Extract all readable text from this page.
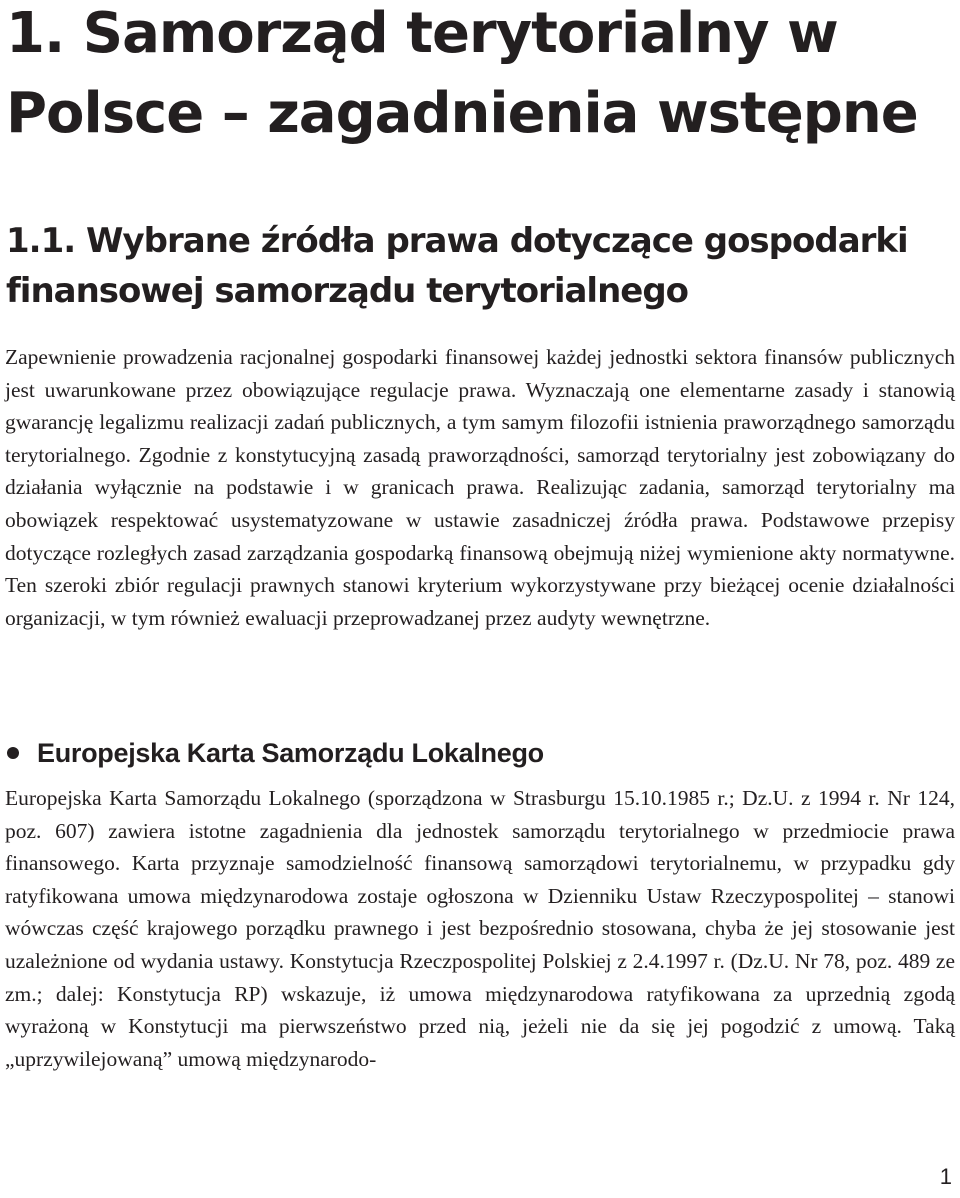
1. Samorząd terytorialny w Polsce – zagadnienia wstępne
1.1. Wybrane źródła prawa dotyczące gospodarki finansowej samorządu terytorialnego

Zapewnienie prowadzenia racjonalnej gospodarki finansowej każdej jednostki sektora finansów publicznych jest uwarunkowane przez obowiązujące regulacje prawa. Wyznaczają one elementarne zasady i stanowią gwarancję legalizmu realizacji zadań publicznych, a tym samym filozofii istnienia praworządnego samorządu terytorialnego. Zgodnie z konstytucyjną zasadą praworządności, samorząd terytorialny jest zobowiązany do działania wyłącznie na podstawie i w granicach prawa. Realizując zadania, samorząd terytorialny ma obowiązek respektować usystematyzowane w ustawie zasadniczej źródła prawa. Podstawowe przepisy dotyczące rozległych zasad zarządzania gospodarką finansową obejmują niżej wymienione akty normatywne. Ten szeroki zbiór regulacji prawnych stanowi kryterium wykorzystywane przy bieżącej ocenie działalności organizacji, w tym również ewaluacji przeprowadzanej przez audyty wewnętrzne.

Europejska Karta Samorządu Lokalnego

Europejska Karta Samorządu Lokalnego (sporządzona w Strasburgu 15.10.1985 r.; Dz.U. z 1994 r. Nr 124, poz. 607) zawiera istotne zagadnienia dla jednostek samorządu terytorialnego w przedmiocie prawa finansowego. Karta przyznaje samodzielność finansową samorządowi terytorialnemu, w przypadku gdy ratyfikowana umowa międzynarodowa zostaje ogłoszona w Dzienniku Ustaw Rzeczypospolitej – stanowi wówczas część krajowego porządku prawnego i jest bezpośrednio stosowana, chyba że jej stosowanie jest uzależnione od wydania ustawy. Konstytucja Rzeczpospolitej Polskiej z 2.4.1997 r. (Dz.U. Nr 78, poz. 489 ze zm.; dalej: Konstytucja RP) wskazuje, iż umowa międzynarodowa ratyfikowana za uprzednią zgodą wyrażoną w Konstytucji ma pierwszeństwo przed nią, jeżeli nie da się jej pogodzić z umową. Taką „uprzywilejowaną” umową międzynarodo-

1
